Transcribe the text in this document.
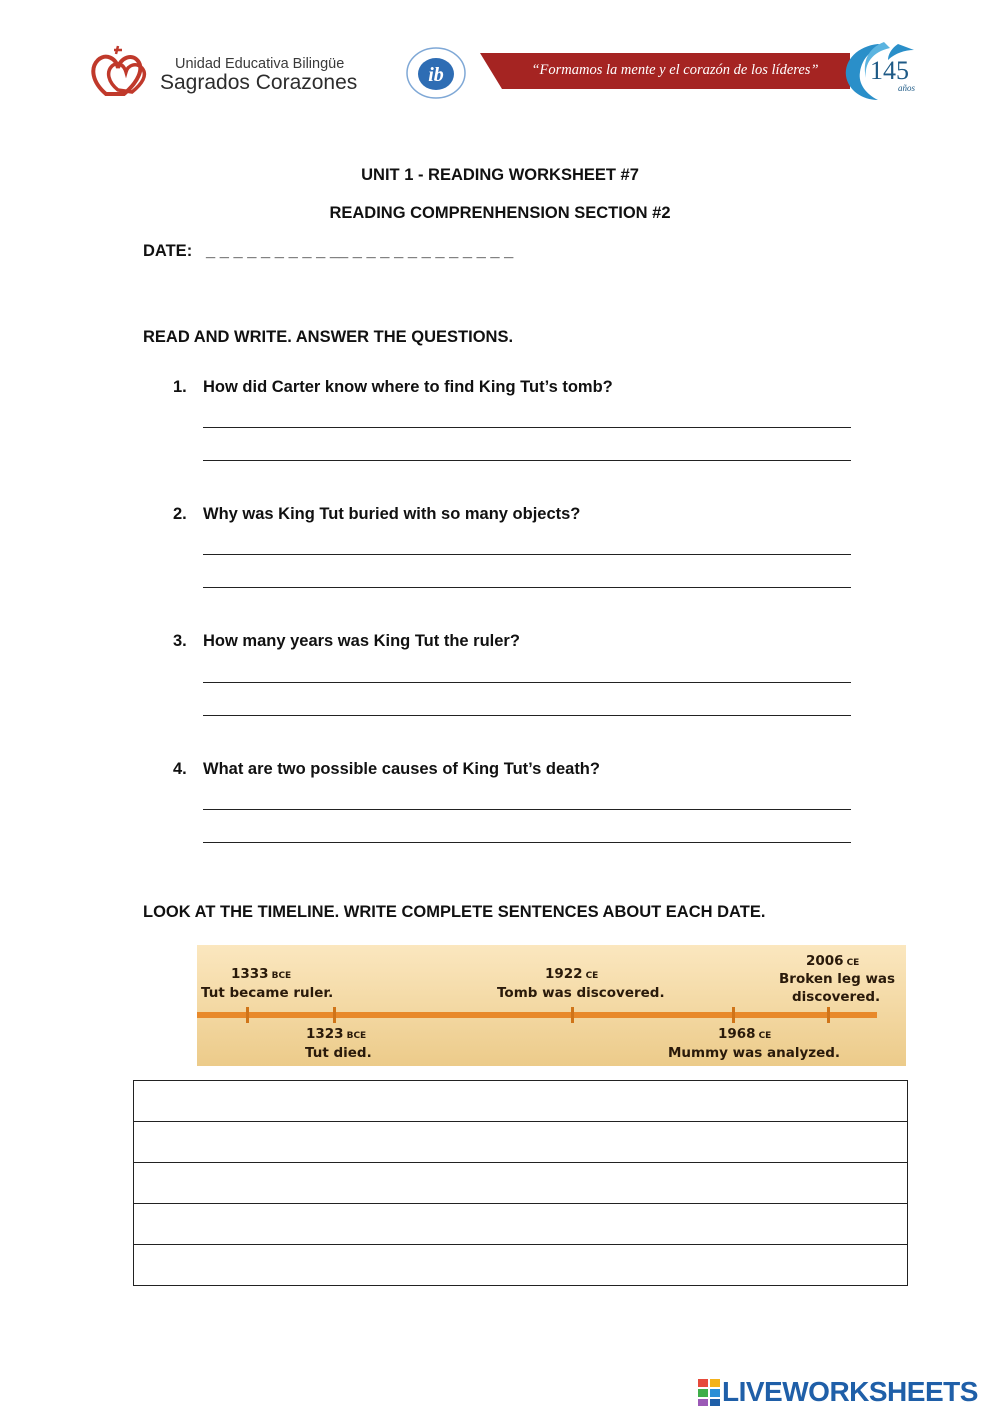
Unidad Educativa Bilingüe
Sagrados Corazones	ib	“Formamos la mente y el corazón de los líderes”	145
años
UNIT 1 - READING WORKSHEET #7
READING COMPRENHENSION SECTION #2
DATE: _ _ _ _ _ _ _ _ _ __ _ _ _ _ _ _ _ _ _ _ _ _
READ AND WRITE. ANSWER THE QUESTIONS.
1. How did Carter know where to find King Tut’s tomb?
2. Why was King Tut buried with so many objects?
3. How many years was King Tut the ruler?
4. What are two possible causes of King Tut’s death?
LOOK AT THE TIMELINE. WRITE COMPLETE SENTENCES ABOUT EACH DATE.
1333 BCE
Tut became ruler.
1323 BCE
Tut died.
1922 CE
Tomb was discovered.
1968 CE
Mummy was analyzed.
2006 CE
Broken leg was
discovered.

LIVEWORKSHEETS
